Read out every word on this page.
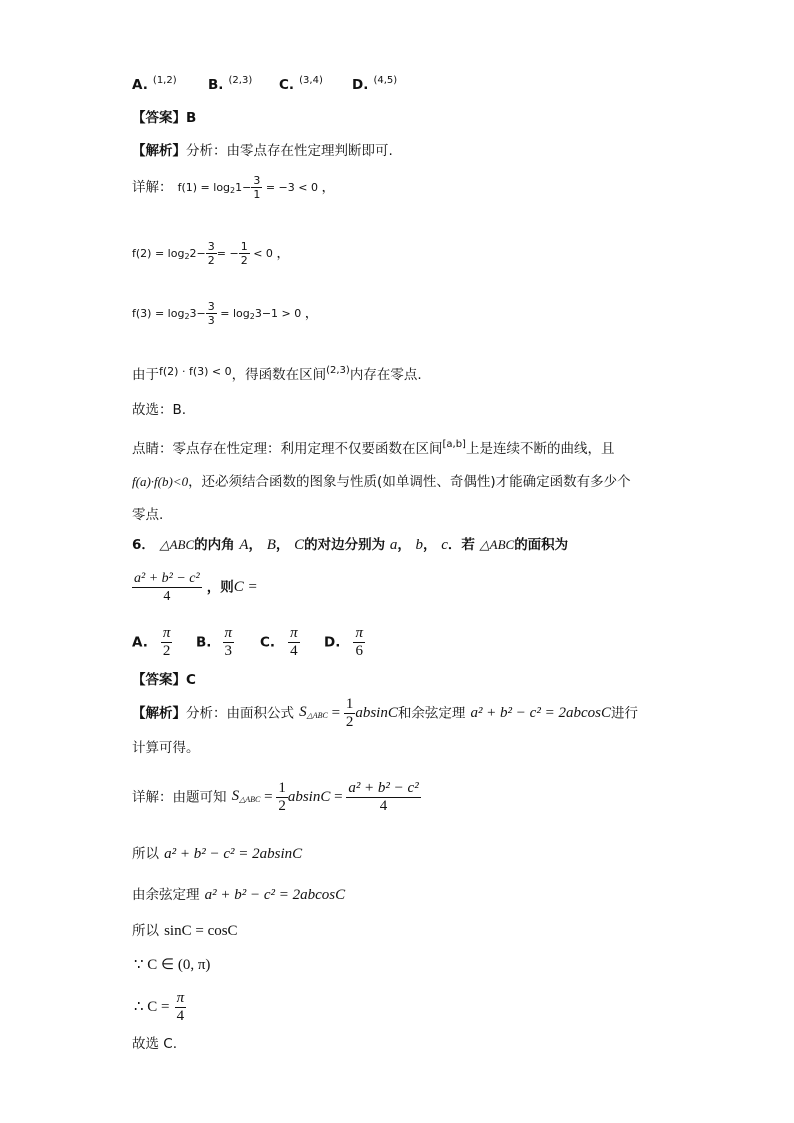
A. $^{(1,2)}$ B. $^{(2,3)}$ C. $^{(3,4)}$ D. $^{(4,5)}$
【答案】B
【解析】分析：由零点存在性定理判断即可.
详解： $f(1) = \log_21- \frac{3}{1} = -3 < 0$ ，
$f(2) = \log_22- \frac{3}{2}$ = − $\frac{1}{2} < 0$ ，
$f(3) = \log_23- \frac{3}{3} = \log_23-1 > 0$ ，
由于$^{f(2) \cdot f(3) < 0}$，得函数在区间$^{(2,3)}$内存在零点.
故选：B.
点睛：零点存在性定理：利用定理不仅要函数在区间[a,b]上是连续不断的曲线，且
f(a)·f(b)<0，还必须结合函数的图象与性质(如单调性、奇偶性)才能确定函数有多少个
零点.
6． △ABC的内角 A， B， C的对边分别为 a， b， c．若 △ABC的面积为
$\frac{\text{a² + b² − c²}}{4}$ ，则C =
A. $\frac{\pi}{2} B$. $\frac{\pi}{3} C$. $\frac{\pi}{4} D$. $\frac{\pi}{6}$
【答案】C
【解析】分析：由面积公式 $S_{\triangle ABC} = \frac{1}{2}$ absinC和余弦定理 a² + b² − c² = 2abcosC进行
计算可得。
详解：由题可知 $S_{\triangle ABC} = \frac{1}{2}$ $absinC = \frac{\text{a² + b² − c²}}{4}$
所以 a² + b² − c² = 2absinC
由余弦定理 a² + b² − c² = 2abcosC
所以 sinC = cosC
∵ C ∈ (0, π)
∴ $C = \frac{\pi}{4}$
故选 C.
